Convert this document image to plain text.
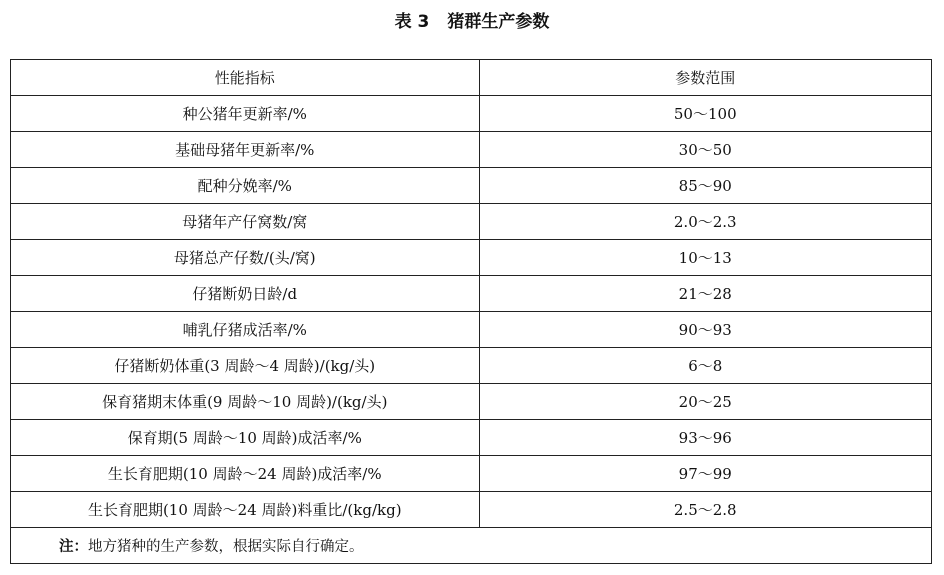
表 3 猪群生产参数
性能指标	参数范围
种公猪年更新率/%	50～100
基础母猪年更新率/%	30～50
配种分娩率/%	85～90
母猪年产仔窝数/窝	2.0～2.3
母猪总产仔数/(头/窝)	10～13
仔猪断奶日龄/d	21～28
哺乳仔猪成活率/%	90～93
仔猪断奶体重(3 周龄～4 周龄)/(kg/头)	6～8
保育猪期末体重(9 周龄～10 周龄)/(kg/头)	20～25
保育期(5 周龄～10 周龄)成活率/%	93～96
生长育肥期(10 周龄～24 周龄)成活率/%	97～99
生长育肥期(10 周龄～24 周龄)料重比/(kg/kg)	2.5～2.8
注：地方猪种的生产参数，根据实际自行确定。	
